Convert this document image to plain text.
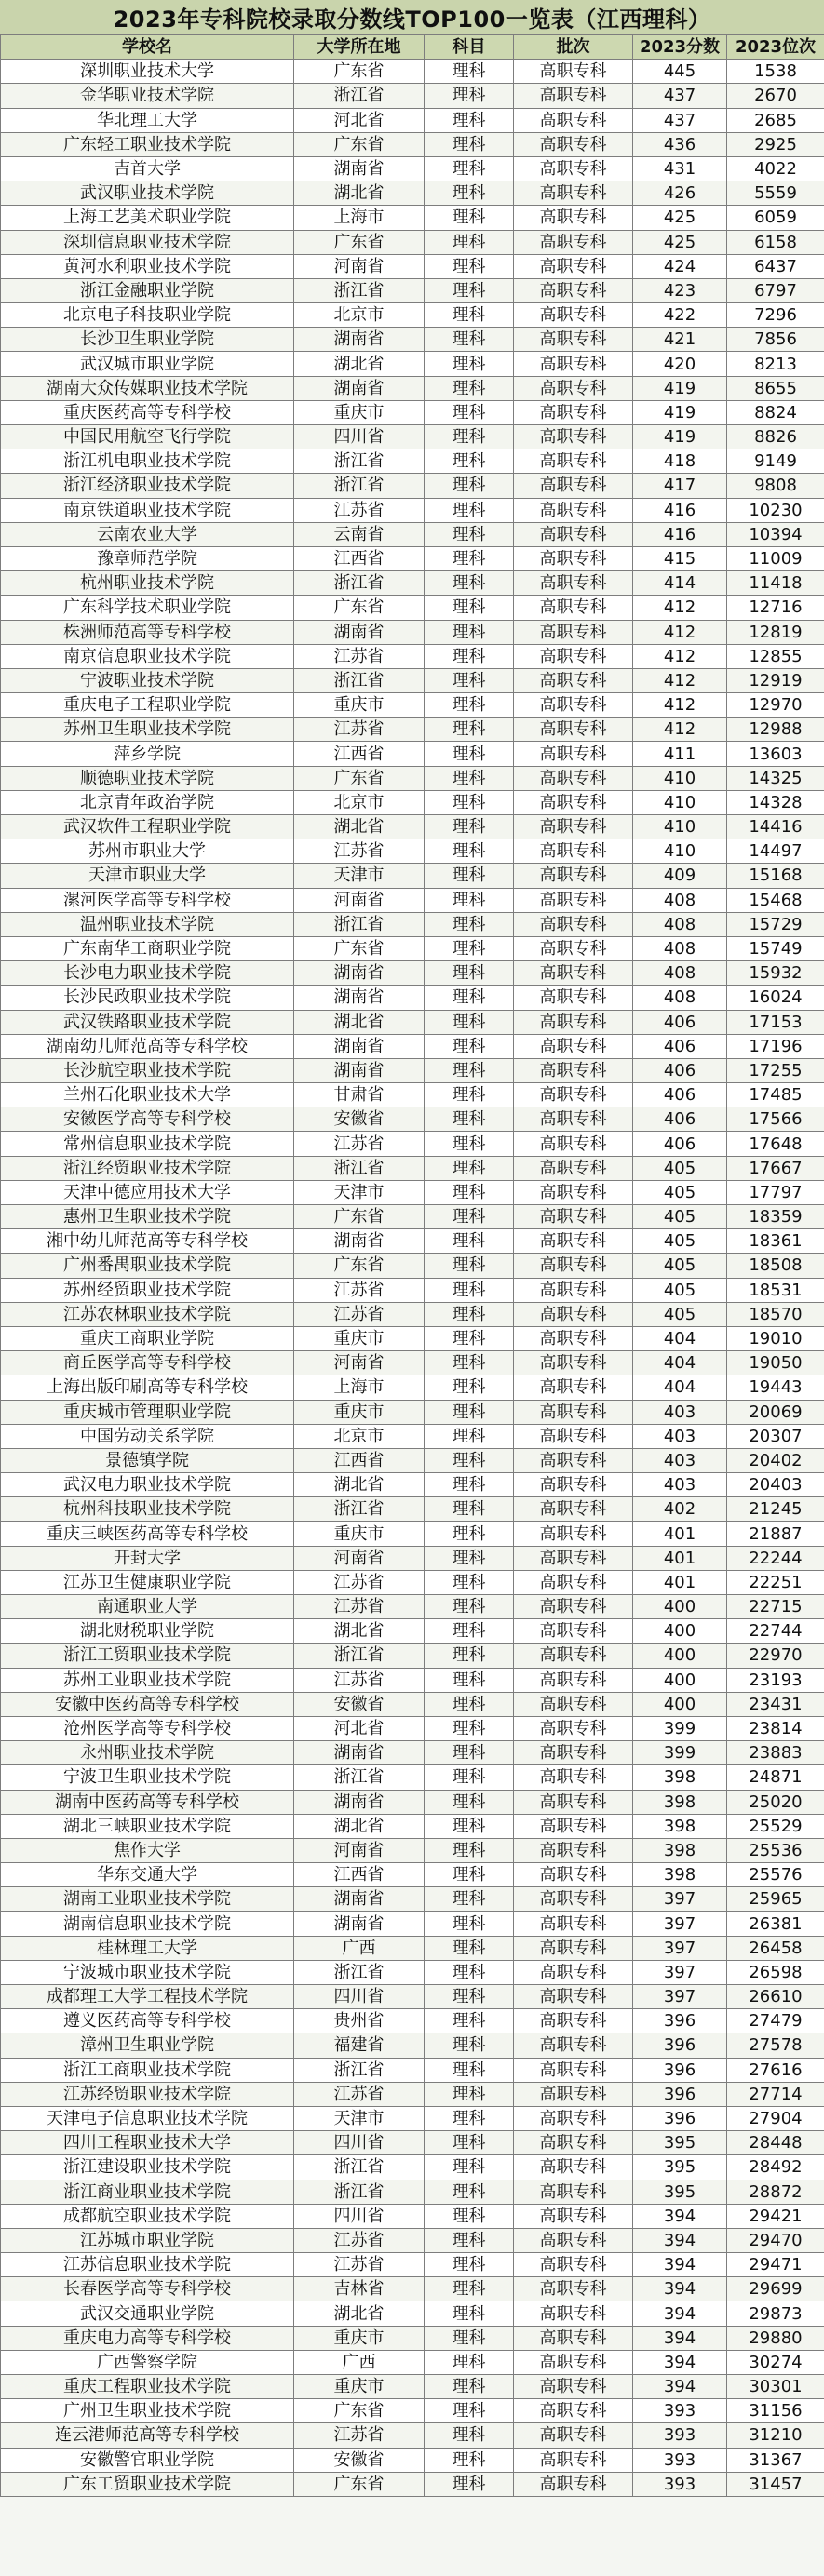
2023年专科院校录取分数线TOP100一览表（江西理科）
学校名	大学所在地	科目	批次	2023分数	2023位次
深圳职业技术大学	广东省	理科	高职专科	445	1538
金华职业技术学院	浙江省	理科	高职专科	437	2670
华北理工大学	河北省	理科	高职专科	437	2685
广东轻工职业技术学院	广东省	理科	高职专科	436	2925
吉首大学	湖南省	理科	高职专科	431	4022
武汉职业技术学院	湖北省	理科	高职专科	426	5559
上海工艺美术职业学院	上海市	理科	高职专科	425	6059
深圳信息职业技术学院	广东省	理科	高职专科	425	6158
黄河水利职业技术学院	河南省	理科	高职专科	424	6437
浙江金融职业学院	浙江省	理科	高职专科	423	6797
北京电子科技职业学院	北京市	理科	高职专科	422	7296
长沙卫生职业学院	湖南省	理科	高职专科	421	7856
武汉城市职业学院	湖北省	理科	高职专科	420	8213
湖南大众传媒职业技术学院	湖南省	理科	高职专科	419	8655
重庆医药高等专科学校	重庆市	理科	高职专科	419	8824
中国民用航空飞行学院	四川省	理科	高职专科	419	8826
浙江机电职业技术学院	浙江省	理科	高职专科	418	9149
浙江经济职业技术学院	浙江省	理科	高职专科	417	9808
南京铁道职业技术学院	江苏省	理科	高职专科	416	10230
云南农业大学	云南省	理科	高职专科	416	10394
豫章师范学院	江西省	理科	高职专科	415	11009
杭州职业技术学院	浙江省	理科	高职专科	414	11418
广东科学技术职业学院	广东省	理科	高职专科	412	12716
株洲师范高等专科学校	湖南省	理科	高职专科	412	12819
南京信息职业技术学院	江苏省	理科	高职专科	412	12855
宁波职业技术学院	浙江省	理科	高职专科	412	12919
重庆电子工程职业学院	重庆市	理科	高职专科	412	12970
苏州卫生职业技术学院	江苏省	理科	高职专科	412	12988
萍乡学院	江西省	理科	高职专科	411	13603
顺德职业技术学院	广东省	理科	高职专科	410	14325
北京青年政治学院	北京市	理科	高职专科	410	14328
武汉软件工程职业学院	湖北省	理科	高职专科	410	14416
苏州市职业大学	江苏省	理科	高职专科	410	14497
天津市职业大学	天津市	理科	高职专科	409	15168
漯河医学高等专科学校	河南省	理科	高职专科	408	15468
温州职业技术学院	浙江省	理科	高职专科	408	15729
广东南华工商职业学院	广东省	理科	高职专科	408	15749
长沙电力职业技术学院	湖南省	理科	高职专科	408	15932
长沙民政职业技术学院	湖南省	理科	高职专科	408	16024
武汉铁路职业技术学院	湖北省	理科	高职专科	406	17153
湖南幼儿师范高等专科学校	湖南省	理科	高职专科	406	17196
长沙航空职业技术学院	湖南省	理科	高职专科	406	17255
兰州石化职业技术大学	甘肃省	理科	高职专科	406	17485
安徽医学高等专科学校	安徽省	理科	高职专科	406	17566
常州信息职业技术学院	江苏省	理科	高职专科	406	17648
浙江经贸职业技术学院	浙江省	理科	高职专科	405	17667
天津中德应用技术大学	天津市	理科	高职专科	405	17797
惠州卫生职业技术学院	广东省	理科	高职专科	405	18359
湘中幼儿师范高等专科学校	湖南省	理科	高职专科	405	18361
广州番禺职业技术学院	广东省	理科	高职专科	405	18508
苏州经贸职业技术学院	江苏省	理科	高职专科	405	18531
江苏农林职业技术学院	江苏省	理科	高职专科	405	18570
重庆工商职业学院	重庆市	理科	高职专科	404	19010
商丘医学高等专科学校	河南省	理科	高职专科	404	19050
上海出版印刷高等专科学校	上海市	理科	高职专科	404	19443
重庆城市管理职业学院	重庆市	理科	高职专科	403	20069
中国劳动关系学院	北京市	理科	高职专科	403	20307
景德镇学院	江西省	理科	高职专科	403	20402
武汉电力职业技术学院	湖北省	理科	高职专科	403	20403
杭州科技职业技术学院	浙江省	理科	高职专科	402	21245
重庆三峡医药高等专科学校	重庆市	理科	高职专科	401	21887
开封大学	河南省	理科	高职专科	401	22244
江苏卫生健康职业学院	江苏省	理科	高职专科	401	22251
南通职业大学	江苏省	理科	高职专科	400	22715
湖北财税职业学院	湖北省	理科	高职专科	400	22744
浙江工贸职业技术学院	浙江省	理科	高职专科	400	22970
苏州工业职业技术学院	江苏省	理科	高职专科	400	23193
安徽中医药高等专科学校	安徽省	理科	高职专科	400	23431
沧州医学高等专科学校	河北省	理科	高职专科	399	23814
永州职业技术学院	湖南省	理科	高职专科	399	23883
宁波卫生职业技术学院	浙江省	理科	高职专科	398	24871
湖南中医药高等专科学校	湖南省	理科	高职专科	398	25020
湖北三峡职业技术学院	湖北省	理科	高职专科	398	25529
焦作大学	河南省	理科	高职专科	398	25536
华东交通大学	江西省	理科	高职专科	398	25576
湖南工业职业技术学院	湖南省	理科	高职专科	397	25965
湖南信息职业技术学院	湖南省	理科	高职专科	397	26381
桂林理工大学	广西	理科	高职专科	397	26458
宁波城市职业技术学院	浙江省	理科	高职专科	397	26598
成都理工大学工程技术学院	四川省	理科	高职专科	397	26610
遵义医药高等专科学校	贵州省	理科	高职专科	396	27479
漳州卫生职业学院	福建省	理科	高职专科	396	27578
浙江工商职业技术学院	浙江省	理科	高职专科	396	27616
江苏经贸职业技术学院	江苏省	理科	高职专科	396	27714
天津电子信息职业技术学院	天津市	理科	高职专科	396	27904
四川工程职业技术大学	四川省	理科	高职专科	395	28448
浙江建设职业技术学院	浙江省	理科	高职专科	395	28492
浙江商业职业技术学院	浙江省	理科	高职专科	395	28872
成都航空职业技术学院	四川省	理科	高职专科	394	29421
江苏城市职业学院	江苏省	理科	高职专科	394	29470
江苏信息职业技术学院	江苏省	理科	高职专科	394	29471
长春医学高等专科学校	吉林省	理科	高职专科	394	29699
武汉交通职业学院	湖北省	理科	高职专科	394	29873
重庆电力高等专科学校	重庆市	理科	高职专科	394	29880
广西警察学院	广西	理科	高职专科	394	30274
重庆工程职业技术学院	重庆市	理科	高职专科	394	30301
广州卫生职业技术学院	广东省	理科	高职专科	393	31156
连云港师范高等专科学校	江苏省	理科	高职专科	393	31210
安徽警官职业学院	安徽省	理科	高职专科	393	31367
广东工贸职业技术学院	广东省	理科	高职专科	393	31457
